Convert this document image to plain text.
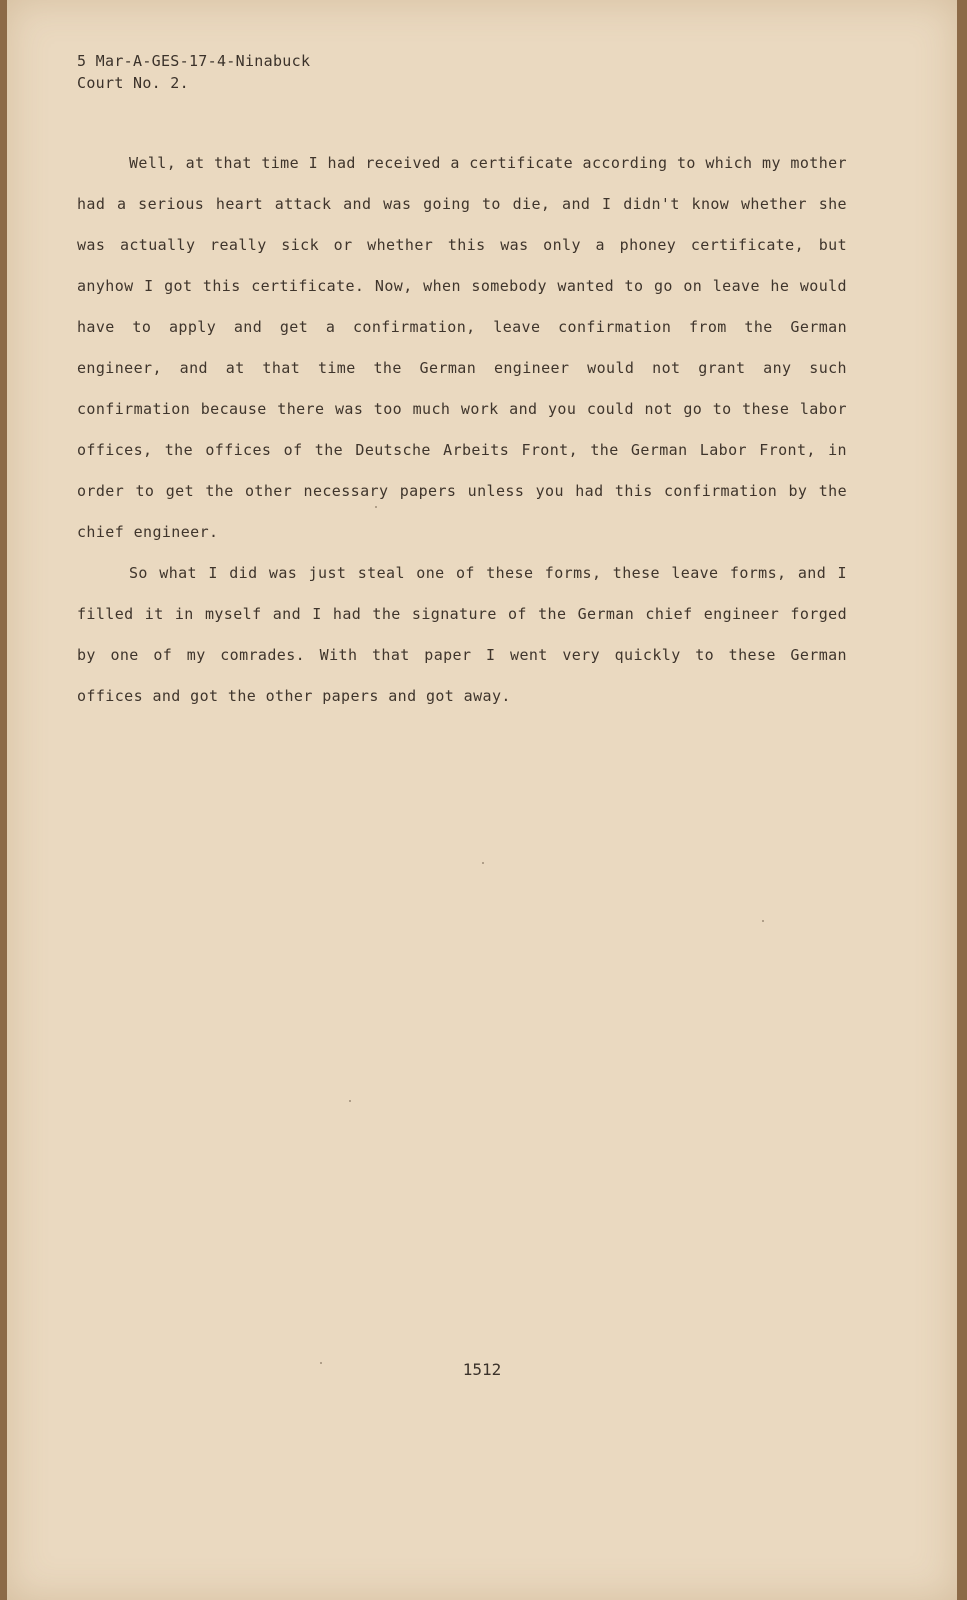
5 Mar-A-GES-17-4-Ninabuck
Court No. 2.

Well, at that time I had received a certificate according to which my mother had a serious heart attack and was going to die, and I didn't know whether she was actually really sick or whether this was only a phoney certificate, but anyhow I got this certificate. Now, when somebody wanted to go on leave he would have to apply and get a confirmation, leave confirmation from the German engineer, and at that time the German engineer would not grant any such confirmation because there was too much work and you could not go to these labor offices, the offices of the Deutsche Arbeits Front, the German Labor Front, in order to get the other necessary papers unless you had this confirmation by the chief engineer.

So what I did was just steal one of these forms, these leave forms, and I filled it in myself and I had the signature of the German chief engineer forged by one of my comrades. With that paper I went very quickly to these German offices and got the other papers and got away.

1512
